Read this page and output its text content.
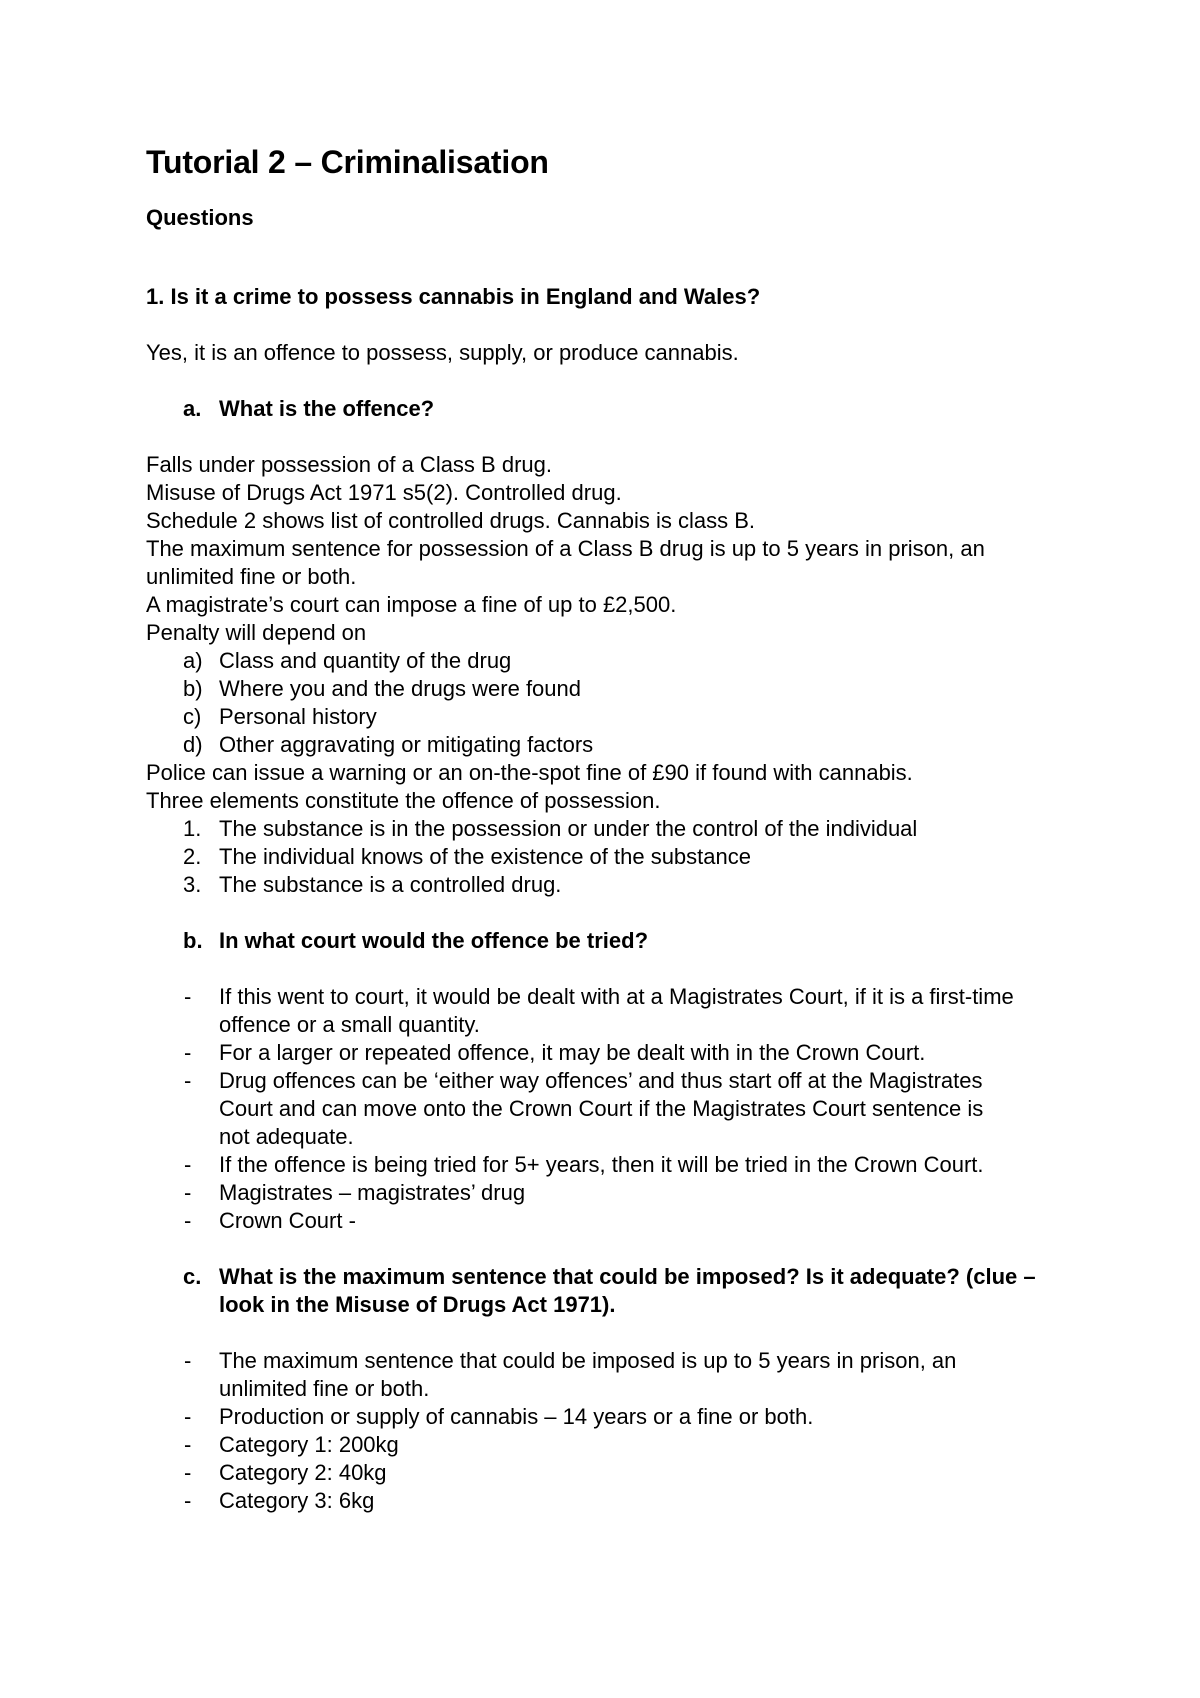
Tutorial 2 – Criminalisation
Questions
1. Is it a crime to possess cannabis in England and Wales?
Yes, it is an offence to possess, supply, or produce cannabis.
a. What is the offence?
Falls under possession of a Class B drug.
Misuse of Drugs Act 1971 s5(2). Controlled drug.
Schedule 2 shows list of controlled drugs. Cannabis is class B.
The maximum sentence for possession of a Class B drug is up to 5 years in prison, an unlimited fine or both.
A magistrate’s court can impose a fine of up to £2,500.
Penalty will depend on
a) Class and quantity of the drug
b) Where you and the drugs were found
c) Personal history
d) Other aggravating or mitigating factors
Police can issue a warning or an on-the-spot fine of £90 if found with cannabis.
Three elements constitute the offence of possession.
1. The substance is in the possession or under the control of the individual
2. The individual knows of the existence of the substance
3. The substance is a controlled drug.
b. In what court would the offence be tried?
- If this went to court, it would be dealt with at a Magistrates Court, if it is a first-time offence or a small quantity.
- For a larger or repeated offence, it may be dealt with in the Crown Court.
- Drug offences can be ‘either way offences’ and thus start off at the Magistrates Court and can move onto the Crown Court if the Magistrates Court sentence is not adequate.
- If the offence is being tried for 5+ years, then it will be tried in the Crown Court.
- Magistrates – magistrates’ drug
- Crown Court -
c. What is the maximum sentence that could be imposed? Is it adequate? (clue – look in the Misuse of Drugs Act 1971).
- The maximum sentence that could be imposed is up to 5 years in prison, an unlimited fine or both.
- Production or supply of cannabis – 14 years or a fine or both.
- Category 1: 200kg
- Category 2: 40kg
- Category 3: 6kg
